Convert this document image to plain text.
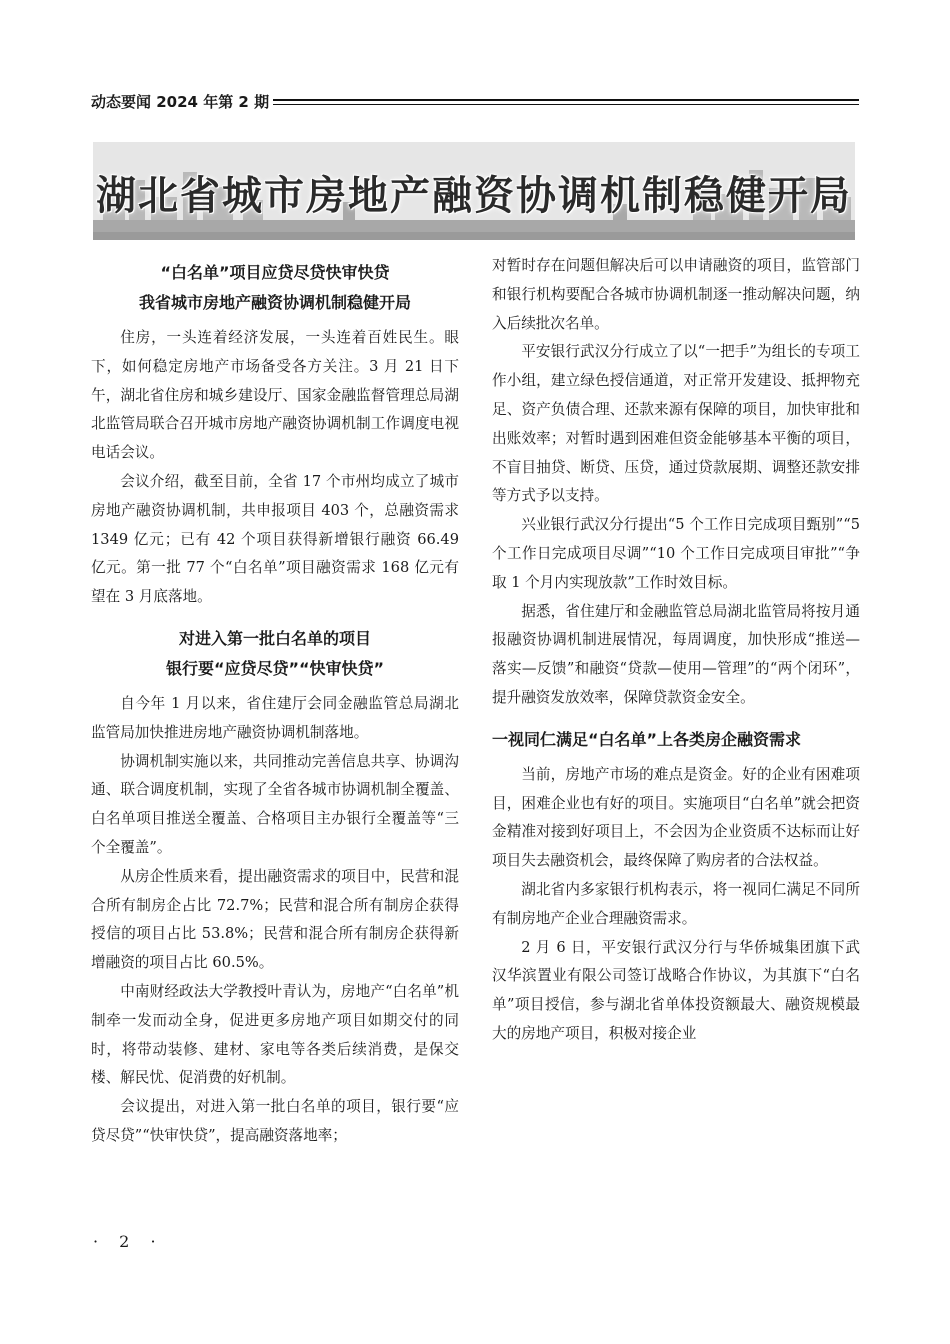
动态要闻 2024 年第 2 期
湖北省城市房地产融资协调机制稳健开局
“白名单”项目应贷尽贷快审快贷
我省城市房地产融资协调机制稳健开局

住房，一头连着经济发展，一头连着百姓民生。眼下，如何稳定房地产市场备受各方关注。3 月 21 日下午，湖北省住房和城乡建设厅、国家金融监督管理总局湖北监管局联合召开城市房地产融资协调机制工作调度电视电话会议。

会议介绍，截至目前，全省 17 个市州均成立了城市房地产融资协调机制，共申报项目 403 个，总融资需求 1349 亿元；已有 42 个项目获得新增银行融资 66.49 亿元。第一批 77 个“白名单”项目融资需求 168 亿元有望在 3 月底落地。

对进入第一批白名单的项目
银行要“应贷尽贷”“快审快贷”

自今年 1 月以来，省住建厅会同金融监管总局湖北监管局加快推进房地产融资协调机制落地。

协调机制实施以来，共同推动完善信息共享、协调沟通、联合调度机制，实现了全省各城市协调机制全覆盖、白名单项目推送全覆盖、合格项目主办银行全覆盖等“三个全覆盖”。

从房企性质来看，提出融资需求的项目中，民营和混合所有制房企占比 72.7%；民营和混合所有制房企获得授信的项目占比 53.8%；民营和混合所有制房企获得新增融资的项目占比 60.5%。

中南财经政法大学教授叶青认为，房地产“白名单”机制牵一发而动全身，促进更多房地产项目如期交付的同时，将带动装修、建材、家电等各类后续消费，是保交楼、解民忧、促消费的好机制。

会议提出，对进入第一批白名单的项目，银行要“应贷尽贷”“快审快贷”，提高融资落地率；

对暂时存在问题但解决后可以申请融资的项目，监管部门和银行机构要配合各城市协调机制逐一推动解决问题，纳入后续批次名单。

平安银行武汉分行成立了以“一把手”为组长的专项工作小组，建立绿色授信通道，对正常开发建设、抵押物充足、资产负债合理、还款来源有保障的项目，加快审批和出账效率；对暂时遇到困难但资金能够基本平衡的项目，不盲目抽贷、断贷、压贷，通过贷款展期、调整还款安排等方式予以支持。

兴业银行武汉分行提出“5 个工作日完成项目甄别”“5 个工作日完成项目尽调”“10 个工作日完成项目审批”“争取 1 个月内实现放款”工作时效目标。

据悉，省住建厅和金融监管总局湖北监管局将按月通报融资协调机制进展情况，每周调度，加快形成“推送—落实—反馈”和融资“贷款—使用—管理”的“两个闭环”，提升融资发放效率，保障贷款资金安全。

一视同仁满足“白名单”上各类房企融资需求

当前，房地产市场的难点是资金。好的企业有困难项目，困难企业也有好的项目。实施项目“白名单”就会把资金精准对接到好项目上，不会因为企业资质不达标而让好项目失去融资机会，最终保障了购房者的合法权益。

湖北省内多家银行机构表示，将一视同仁满足不同所有制房地产企业合理融资需求。

2 月 6 日，平安银行武汉分行与华侨城集团旗下武汉华滨置业有限公司签订战略合作协议，为其旗下“白名单”项目授信，参与湖北省单体投资额最大、融资规模最大的房地产项目，积极对接企业

· 2 ·
